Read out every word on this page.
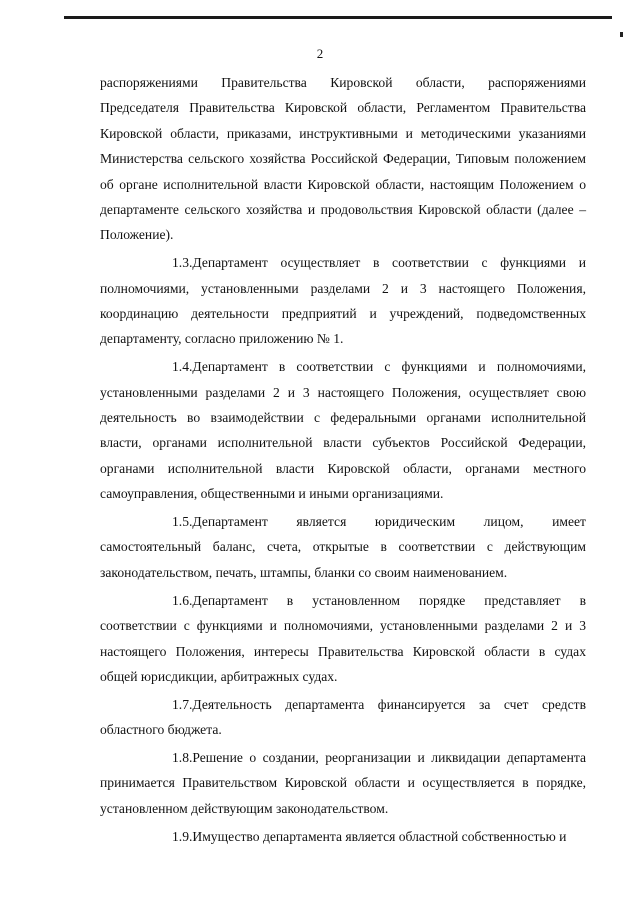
2

распоряжениями Правительства Кировской области, распоряжениями Председателя Правительства Кировской области, Регламентом Правительства Кировской области, приказами, инструктивными и методическими указаниями Министерства сельского хозяйства Российской Федерации, Типовым положением об органе исполнительной власти Кировской области, настоящим Положением о департаменте сельского хозяйства и продовольствия Кировской области (далее – Положение).

1.3.Департамент осуществляет в соответствии с функциями и полномочиями, установленными разделами 2 и 3 настоящего Положения, координацию деятельности предприятий и учреждений, подведомственных департаменту, согласно приложению № 1.

1.4.Департамент в соответствии с функциями и полномочиями, установленными разделами 2 и 3 настоящего Положения, осуществляет свою деятельность во взаимодействии с федеральными органами исполнительной власти, органами исполнительной власти субъектов Российской Федерации, органами исполнительной власти Кировской области, органами местного самоуправления, общественными и иными организациями.

1.5.Департамент является юридическим лицом, имеет самостоятельный баланс, счета, открытые в соответствии с действующим законодательством, печать, штампы, бланки со своим наименованием.

1.6.Департамент в установленном порядке представляет в соответствии с функциями и полномочиями, установленными разделами 2 и 3 настоящего Положения, интересы Правительства Кировской области в судах общей юрисдикции, арбитражных судах.

1.7.Деятельность департамента финансируется за счет средств областного бюджета.

1.8.Решение о создании, реорганизации и ликвидации департамента принимается Правительством Кировской области и осуществляется в порядке, установленном действующим законодательством.

1.9.Имущество департамента является областной собственностью и
